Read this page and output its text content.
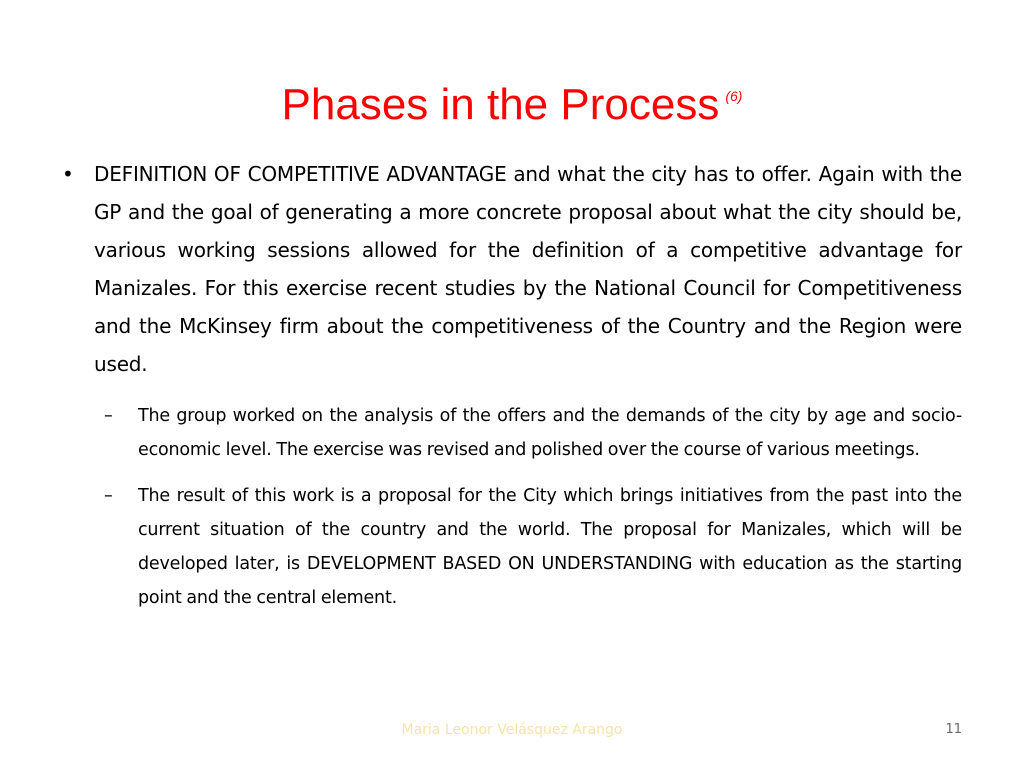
Phases in the Process $^{(6)}$
•	DEFINITION OF COMPETITIVE ADVANTAGE and what the city has to offer. Again with the GP and the goal of generating a more concrete proposal about what the city should be, various working sessions allowed for the definition of a competitive advantage for Manizales. For this exercise recent studies by the National Council for Competitiveness and the McKinsey firm about the competitiveness of the Country and the Region were used.
– The group worked on the analysis of the offers and the demands of the city by age and socio-economic level. The exercise was revised and polished over the course of various meetings.
– The result of this work is a proposal for the City which brings initiatives from the past into the current situation of the country and the world. The proposal for Manizales, which will be developed later, is DEVELOPMENT BASED ON UNDERSTANDING with education as the starting point and the central element.
Maria Leonor Velásquez Arango	11
